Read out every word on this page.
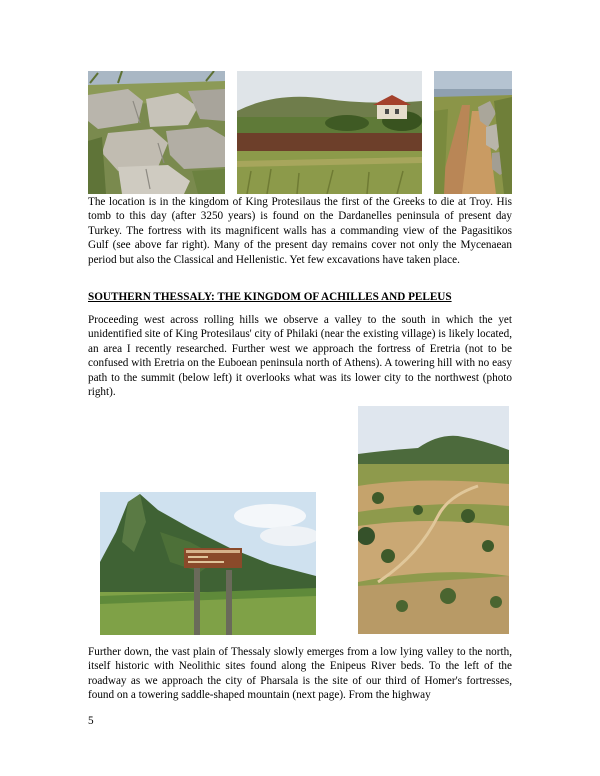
The location is in the kingdom of King Protesilaus the first of the Greeks to die at Troy. His tomb to this day (after 3250 years) is found on the Dardanelles peninsula of present day Turkey. The fortress with its magnificent walls has a commanding view of the Pagasitikos Gulf (see above far right). Many of the present day remains cover not only the Mycenaean period but also the Classical and Hellenistic. Yet few excavations have taken place.

SOUTHERN THESSALY: THE KINGDOM OF ACHILLES AND PELEUS

Proceeding west across rolling hills we observe a valley to the south in which the yet unidentified site of King Protesilaus' city of Philaki (near the existing village) is likely located, an area I recently researched. Further west we approach the fortress of Eretria (not to be confused with Eretria on the Euboean peninsula north of Athens). A towering hill with no easy path to the summit (below left) it overlooks what was its lower city to the northwest (photo right).

Further down, the vast plain of Thessaly slowly emerges from a low lying valley to the north, itself historic with Neolithic sites found along the Enipeus River beds. To the left of the roadway as we approach the city of Pharsala is the site of our third of Homer's fortresses, found on a towering saddle-shaped mountain (next page). From the highway

5
